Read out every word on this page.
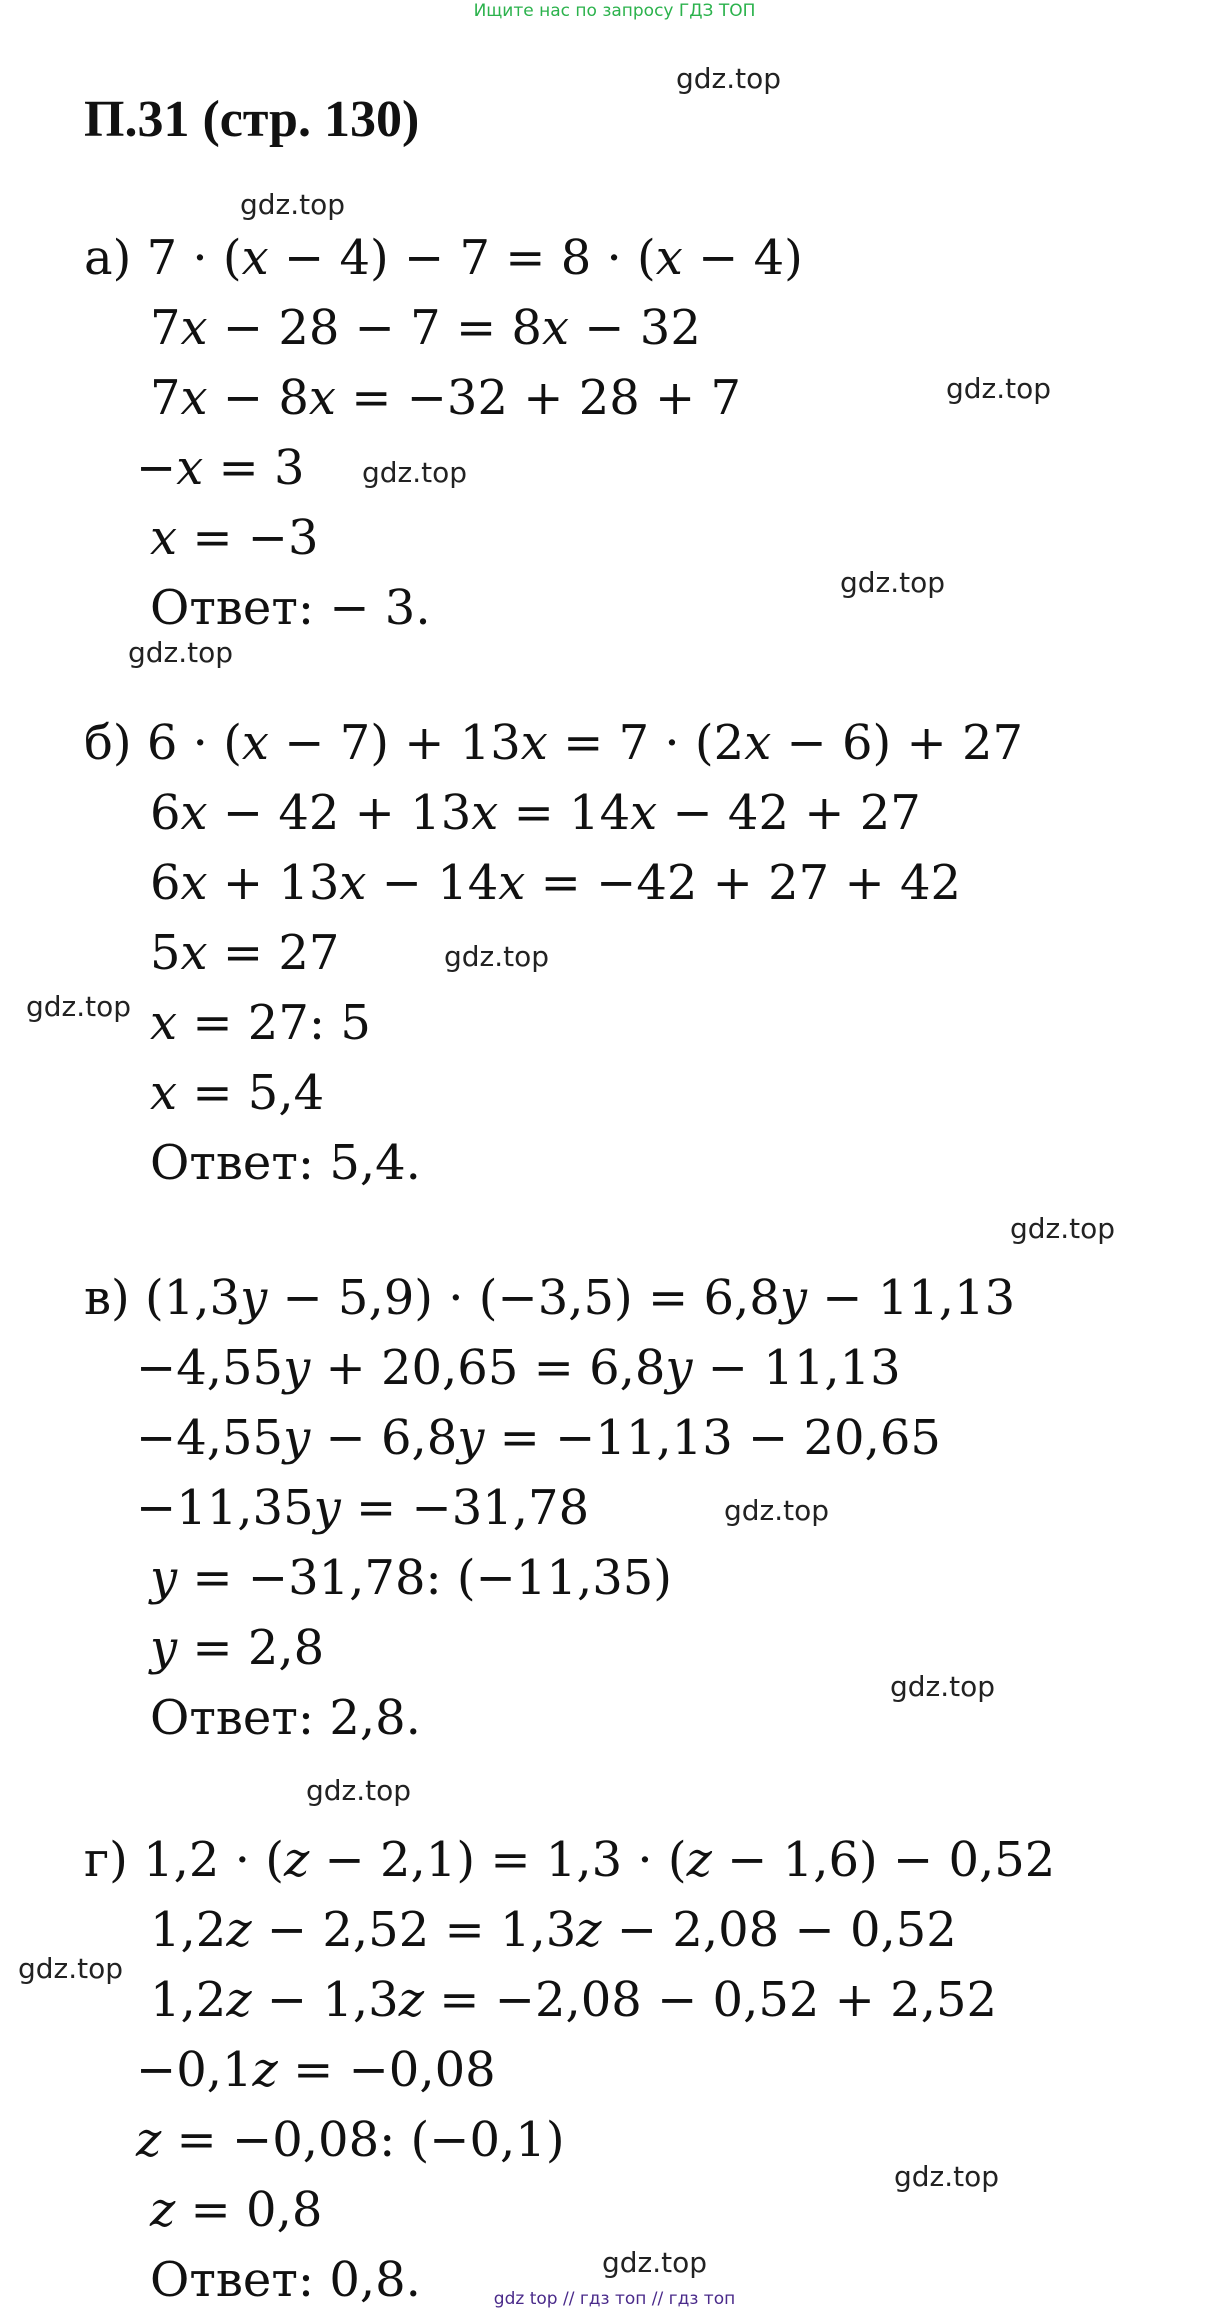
Ищите нас по запросу ГДЗ ТОП
П.31 (стр. 130)
а) 7 · (𝑥 − 4) − 7 = 8 · (𝑥 − 4)
7𝑥 − 28 − 7 = 8𝑥 − 32
7𝑥 − 8𝑥 = −32 + 28 + 7
−𝑥 = 3
𝑥 = −3
Ответ: − 3.
б) 6 · (𝑥 − 7) + 13𝑥 = 7 · (2𝑥 − 6) + 27
6𝑥 − 42 + 13𝑥 = 14𝑥 − 42 + 27
6𝑥 + 13𝑥 − 14𝑥 = −42 + 27 + 42
5𝑥 = 27
𝑥 = 27: 5
𝑥 = 5,4
Ответ: 5,4.
в) (1,3𝑦 − 5,9) · (−3,5) = 6,8𝑦 − 11,13
−4,55𝑦 + 20,65 = 6,8𝑦 − 11,13
−4,55𝑦 − 6,8𝑦 = −11,13 − 20,65
−11,35𝑦 = −31,78
𝑦 = −31,78: (−11,35)
𝑦 = 2,8
Ответ: 2,8.
г) 1,2 · (𝑧 − 2,1) = 1,3 · (𝑧 − 1,6) − 0,52
1,2𝑧 − 2,52 = 1,3𝑧 − 2,08 − 0,52
1,2𝑧 − 1,3𝑧 = −2,08 − 0,52 + 2,52
−0,1𝑧 = −0,08
𝑧 = −0,08: (−0,1)
𝑧 = 0,8
Ответ: 0,8.
gdz.top
gdz.top
gdz.top
gdz.top
gdz.top
gdz.top
gdz.top
gdz.top
gdz.top
gdz.top
gdz.top
gdz.top
gdz.top
gdz.top
gdz.top
gdz top // гдз топ // гдз топ
